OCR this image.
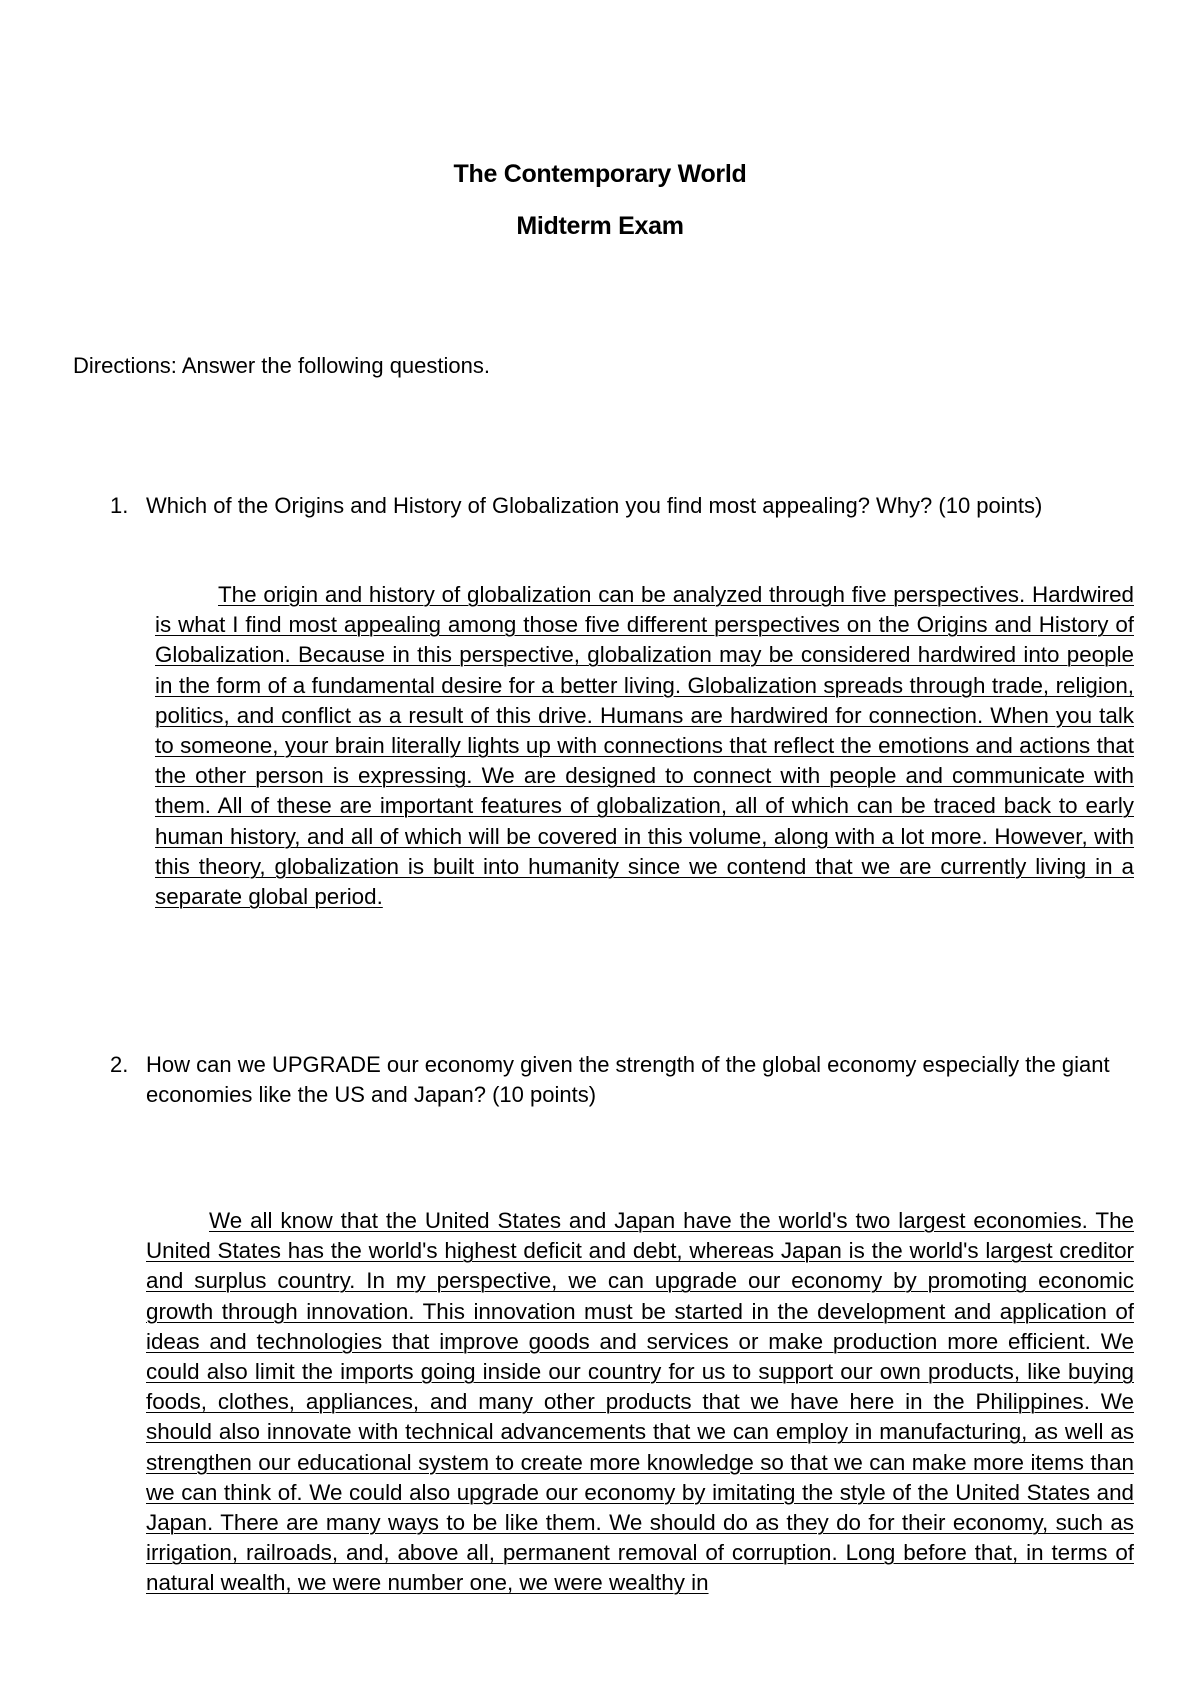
The Contemporary World
Midterm Exam
Directions: Answer the following questions.
1. Which of the Origins and History of Globalization you find most appealing? Why? (10 points)

The origin and history of globalization can be analyzed through five perspectives. Hardwired is what I find most appealing among those five different perspectives on the Origins and History of Globalization. Because in this perspective, globalization may be considered hardwired into people in the form of a fundamental desire for a better living. Globalization spreads through trade, religion, politics, and conflict as a result of this drive. Humans are hardwired for connection. When you talk to someone, your brain literally lights up with connections that reflect the emotions and actions that the other person is expressing. We are designed to connect with people and communicate with them. All of these are important features of globalization, all of which can be traced back to early human history, and all of which will be covered in this volume, along with a lot more. However, with this theory, globalization is built into humanity since we contend that we are currently living in a separate global period.

2. How can we UPGRADE our economy given the strength of the global economy especially the giant economies like the US and Japan? (10 points)

We all know that the United States and Japan have the world's two largest economies. The United States has the world's highest deficit and debt, whereas Japan is the world's largest creditor and surplus country. In my perspective, we can upgrade our economy by promoting economic growth through innovation. This innovation must be started in the development and application of ideas and technologies that improve goods and services or make production more efficient. We could also limit the imports going inside our country for us to support our own products, like buying foods, clothes, appliances, and many other products that we have here in the Philippines. We should also innovate with technical advancements that we can employ in manufacturing, as well as strengthen our educational system to create more knowledge so that we can make more items than we can think of. We could also upgrade our economy by imitating the style of the United States and Japan. There are many ways to be like them. We should do as they do for their economy, such as irrigation, railroads, and, above all, permanent removal of corruption. Long before that, in terms of natural wealth, we were number one, we were wealthy in
